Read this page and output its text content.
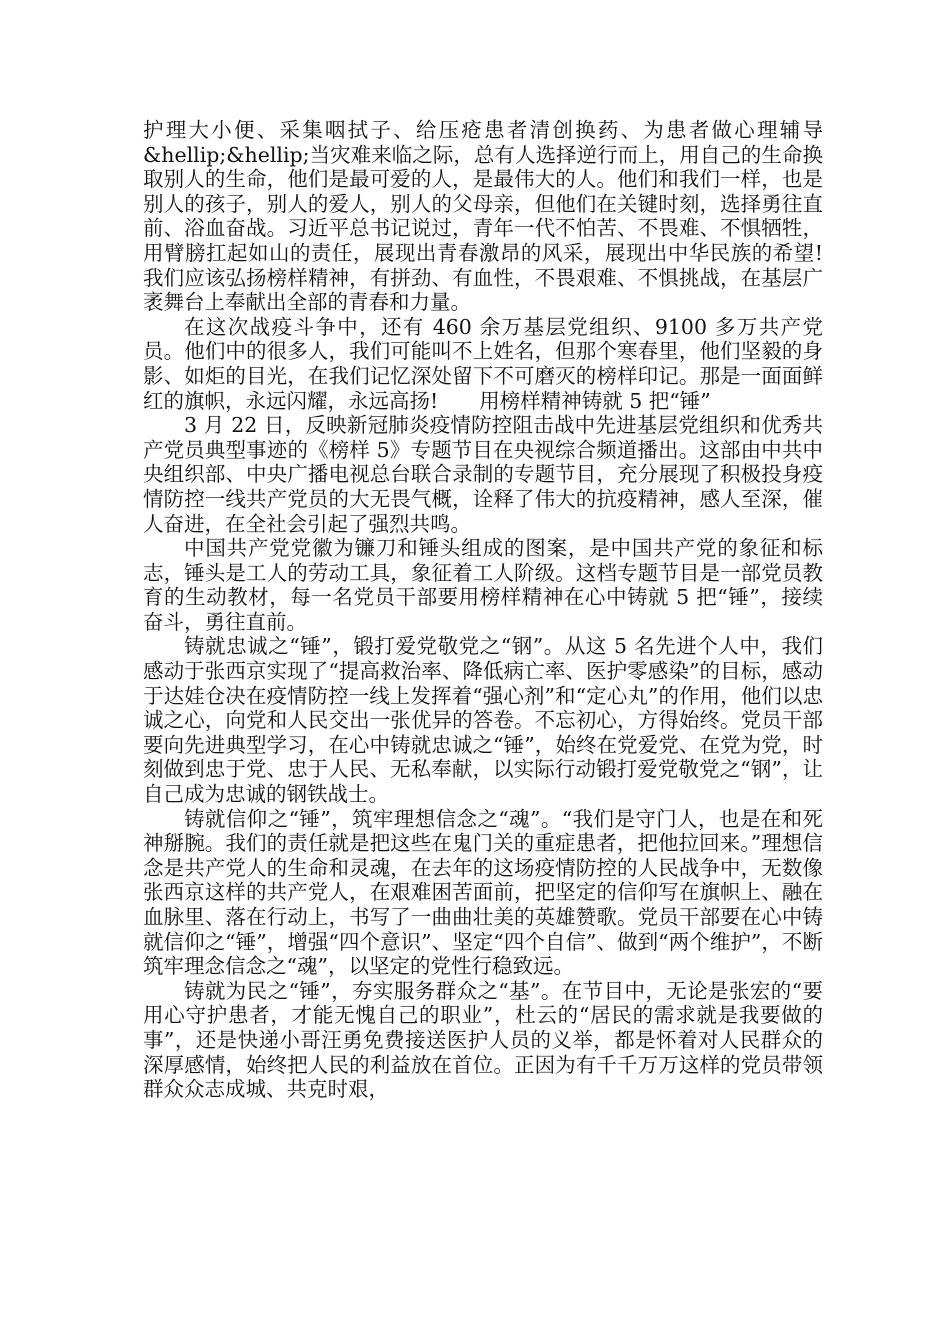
护理大小便、采集咽拭子、给压疮患者清创换药、为患者做心理辅导&hellip;&hellip;当灾难来临之际，总有人选择逆行而上，用自己的生命换取别人的生命，他们是最可爱的人，是最伟大的人。他们和我们一样，也是别人的孩子，别人的爱人，别人的父母亲，但他们在关键时刻，选择勇往直前、浴血奋战。习近平总书记说过，青年一代不怕苦、不畏难、不惧牺牲，用臂膀扛起如山的责任，展现出青春激昂的风采，展现出中华民族的希望!我们应该弘扬榜样精神，有拼劲、有血性，不畏艰难、不惧挑战，在基层广袤舞台上奉献出全部的青春和力量。

在这次战疫斗争中，还有 460 余万基层党组织、9100 多万共产党员。他们中的很多人，我们可能叫不上姓名，但那个寒春里，他们坚毅的身影、如炬的目光，在我们记忆深处留下不可磨灭的榜样印记。那是一面面鲜红的旗帜，永远闪耀，永远高扬!　　用榜样精神铸就 5 把“锤”

3 月 22 日，反映新冠肺炎疫情防控阻击战中先进基层党组织和优秀共产党员典型事迹的《榜样 5》专题节目在央视综合频道播出。这部由中共中央组织部、中央广播电视总台联合录制的专题节目，充分展现了积极投身疫情防控一线共产党员的大无畏气概，诠释了伟大的抗疫精神，感人至深，催人奋进，在全社会引起了强烈共鸣。

中国共产党党徽为镰刀和锤头组成的图案，是中国共产党的象征和标志，锤头是工人的劳动工具，象征着工人阶级。这档专题节目是一部党员教育的生动教材，每一名党员干部要用榜样精神在心中铸就 5 把“锤”，接续奋斗，勇往直前。

铸就忠诚之“锤”，锻打爱党敬党之“钢”。从这 5 名先进个人中，我们感动于张西京实现了“提高救治率、降低病亡率、医护零感染”的目标，感动于达娃仓决在疫情防控一线上发挥着“强心剂”和“定心丸”的作用，他们以忠诚之心，向党和人民交出一张优异的答卷。不忘初心，方得始终。党员干部要向先进典型学习，在心中铸就忠诚之“锤”，始终在党爱党、在党为党，时刻做到忠于党、忠于人民、无私奉献，以实际行动锻打爱党敬党之“钢”，让自己成为忠诚的钢铁战士。

铸就信仰之“锤”，筑牢理想信念之“魂”。“我们是守门人，也是在和死神掰腕。我们的责任就是把这些在鬼门关的重症患者，把他拉回来。”理想信念是共产党人的生命和灵魂，在去年的这场疫情防控的人民战争中，无数像张西京这样的共产党人，在艰难困苦面前，把坚定的信仰写在旗帜上、融在血脉里、落在行动上，书写了一曲曲壮美的英雄赞歌。党员干部要在心中铸就信仰之“锤”，增强“四个意识”、坚定“四个自信”、做到“两个维护”，不断筑牢理念信念之“魂”，以坚定的党性行稳致远。

铸就为民之“锤”，夯实服务群众之“基”。在节目中，无论是张宏的“要用心守护患者，才能无愧自己的职业”，杜云的“居民的需求就是我要做的事”，还是快递小哥汪勇免费接送医护人员的义举，都是怀着对人民群众的深厚感情，始终把人民的利益放在首位。正因为有千千万万这样的党员带领群众众志成城、共克时艰，
